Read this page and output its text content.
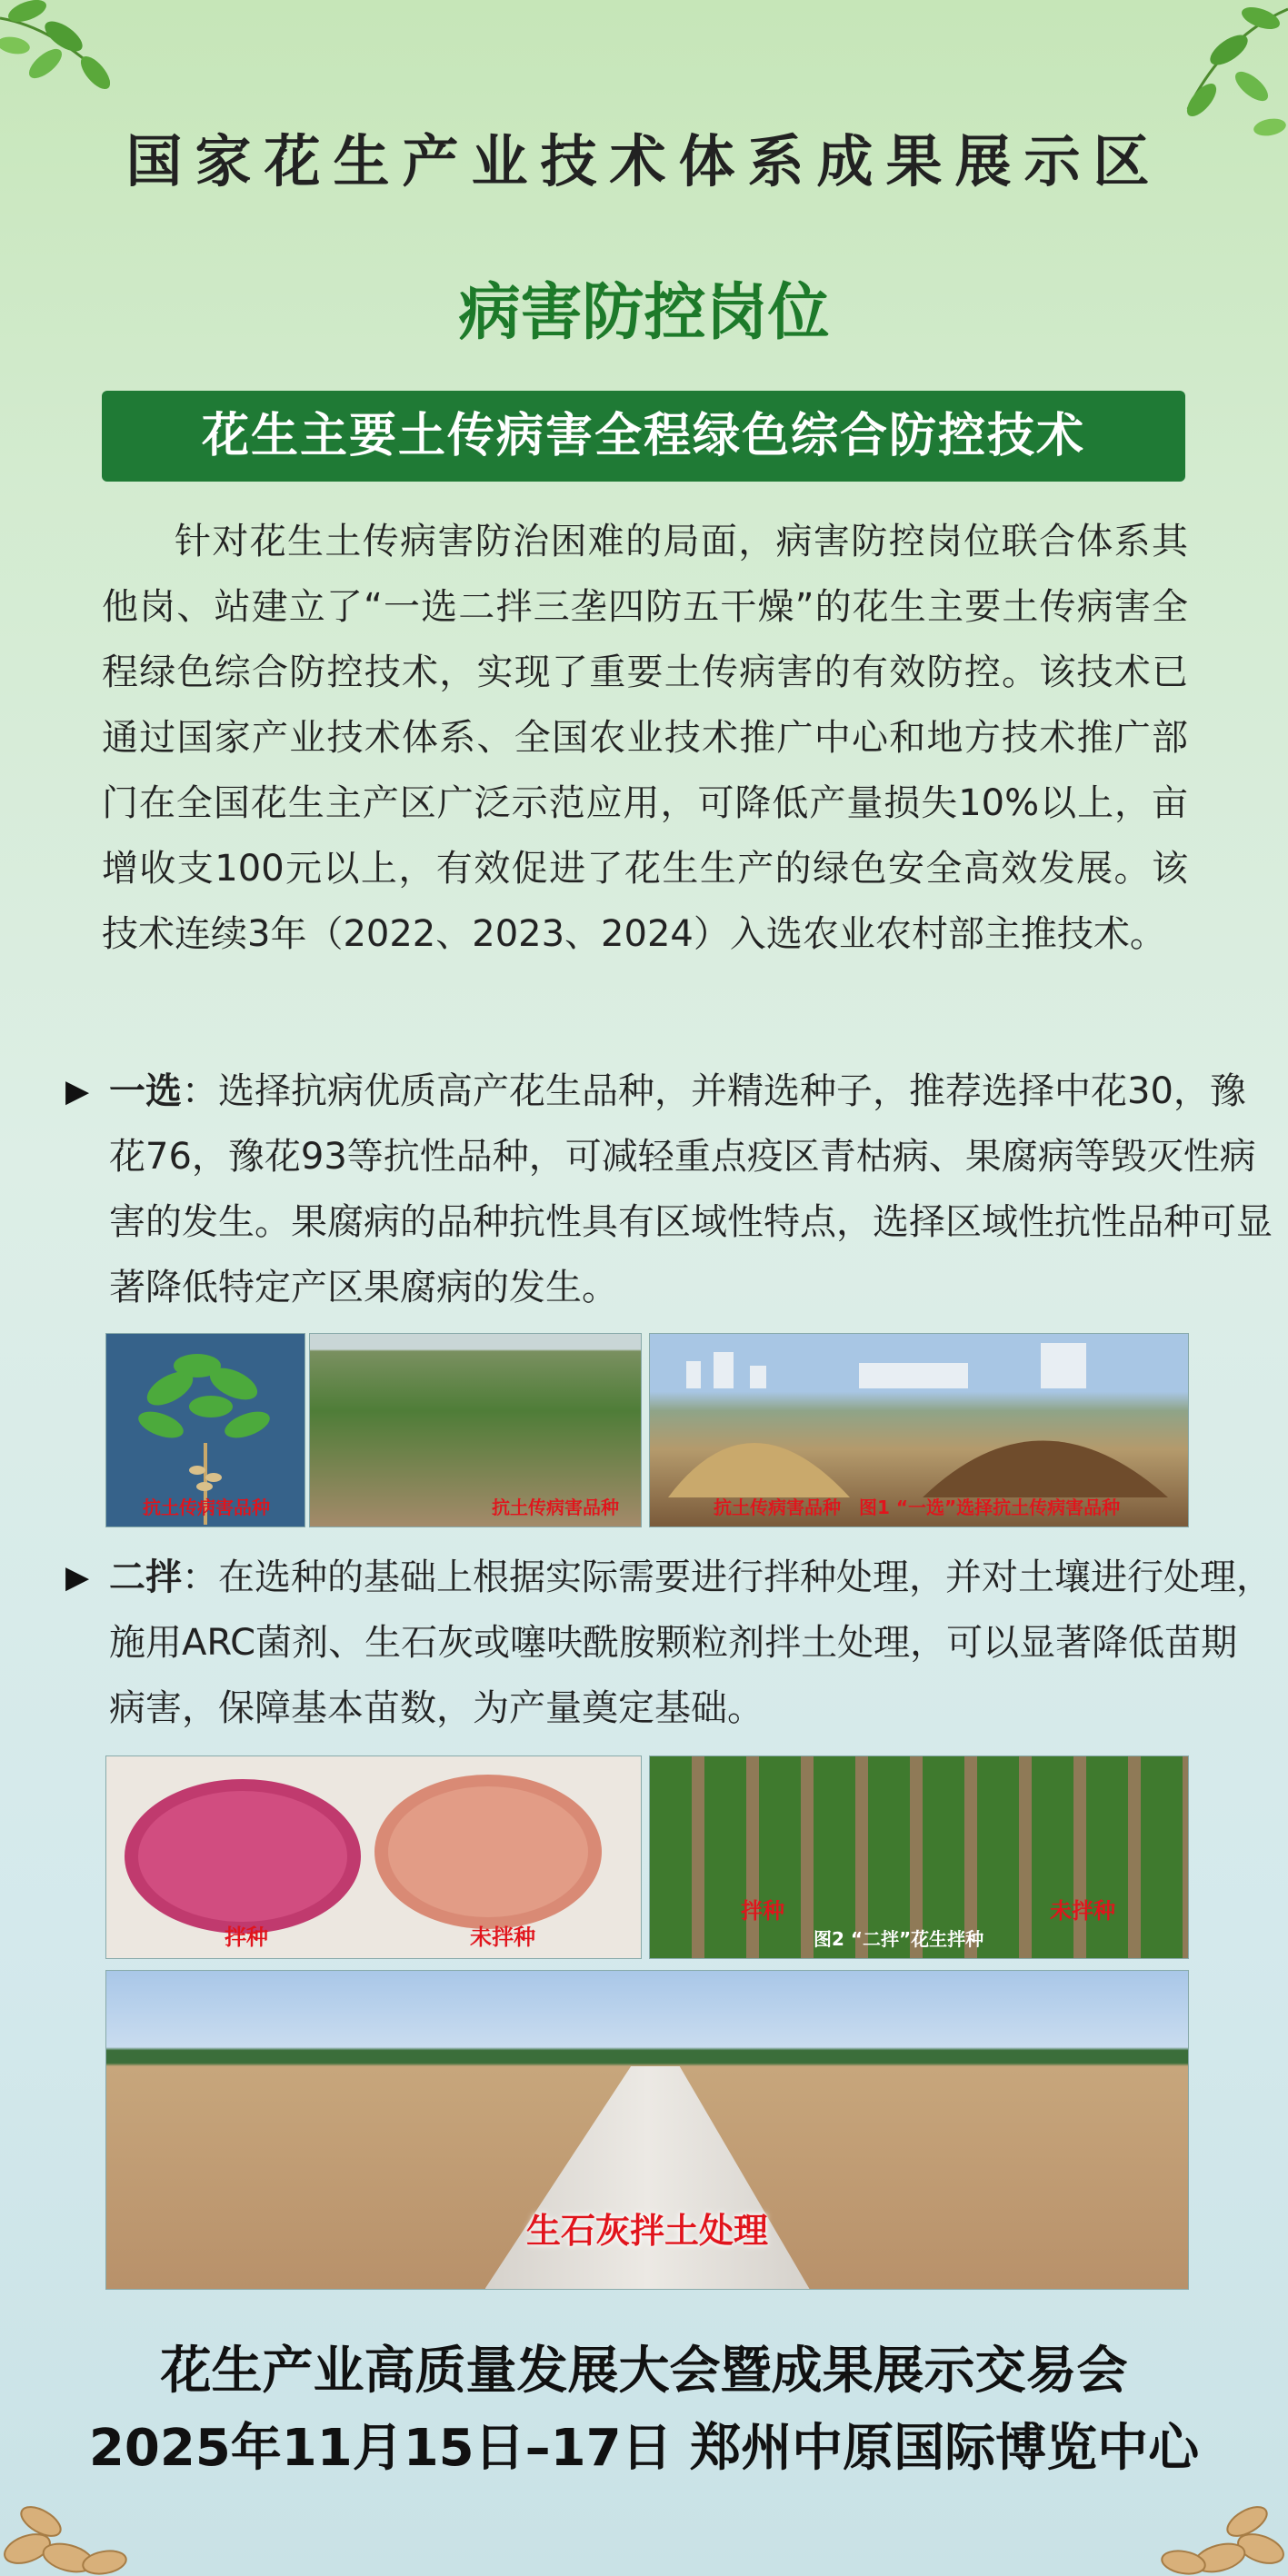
国家花生产业技术体系成果展示区
病害防控岗位
花生主要土传病害全程绿色综合防控技术

针对花生土传病害防治困难的局面，病害防控岗位联合体系其他岗、站建立了“一选二拌三垄四防五干燥”的花生主要土传病害全程绿色综合防控技术，实现了重要土传病害的有效防控。该技术已通过国家产业技术体系、全国农业技术推广中心和地方技术推广部门在全国花生主产区广泛示范应用，可降低产量损失10%以上，亩增收支100元以上，有效促进了花生生产的绿色安全高效发展。该技术连续3年（2022、2023、2024）入选农业农村部主推技术。

▶ 一选：选择抗病优质高产花生品种，并精选种子，推荐选择中花30，豫花76，豫花93等抗性品种，可减轻重点疫区青枯病、果腐病等毁灭性病害的发生。果腐病的品种抗性具有区域性特点，选择区域性抗性品种可显著降低特定产区果腐病的发生。

抗土传病害品种	抗土传病害品种	抗土传病害品种 图1 “一选”选择抗土传病害品种

▶ 二拌：在选种的基础上根据实际需要进行拌种处理，并对土壤进行处理，施用ARC菌剂、生石灰或噻呋酰胺颗粒剂拌土处理，可以显著降低苗期病害，保障基本苗数，为产量奠定基础。

拌种	未拌种
拌种
图2 “二拌”花生拌种
未拌种
生石灰拌土处理
花生产业高质量发展大会暨成果展示交易会
2025年11月15日–17日 郑州中原国际博览中心
